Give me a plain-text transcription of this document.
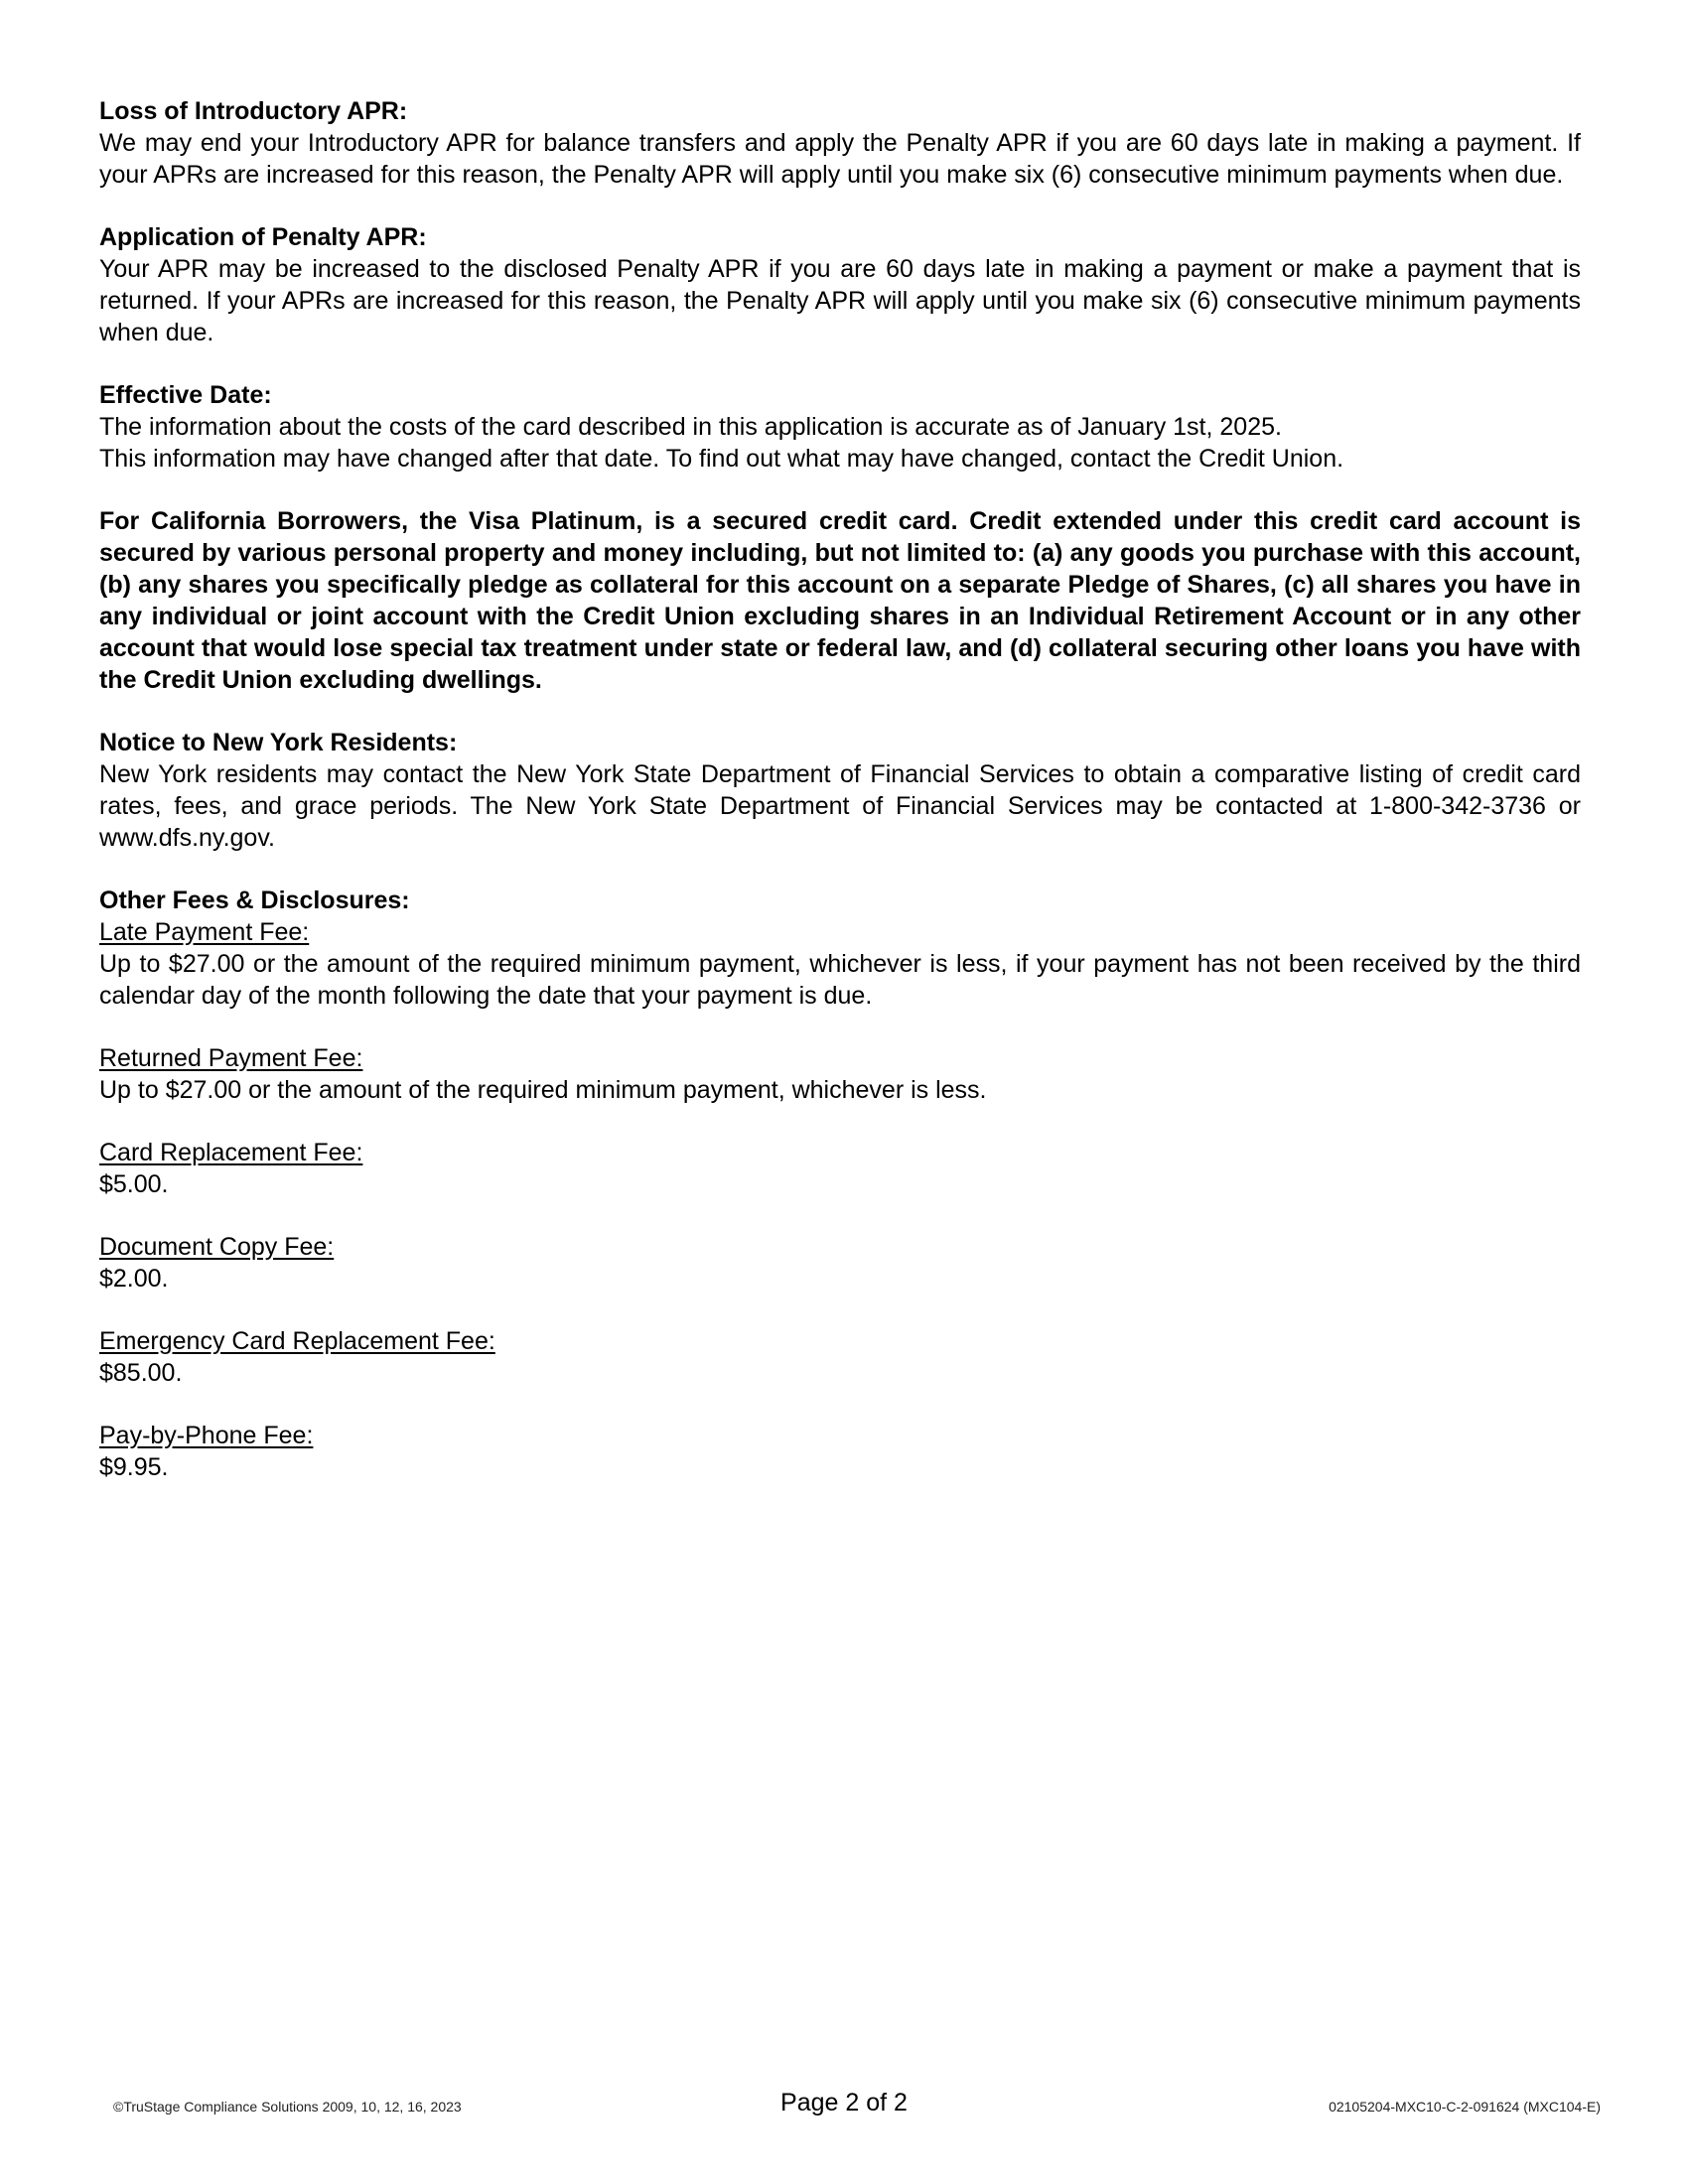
Loss of Introductory APR:
We may end your Introductory APR for balance transfers and apply the Penalty APR if you are 60 days late in making a payment. If your APRs are increased for this reason, the Penalty APR will apply until you make six (6) consecutive minimum payments when due.
Application of Penalty APR:
Your APR may be increased to the disclosed Penalty APR if you are 60 days late in making a payment or make a payment that is returned. If your APRs are increased for this reason, the Penalty APR will apply until you make six (6) consecutive minimum payments when due.
Effective Date:
The information about the costs of the card described in this application is accurate as of January 1st, 2025.
This information may have changed after that date. To find out what may have changed, contact the Credit Union.
For California Borrowers, the Visa Platinum, is a secured credit card. Credit extended under this credit card account is secured by various personal property and money including, but not limited to: (a) any goods you purchase with this account, (b) any shares you specifically pledge as collateral for this account on a separate Pledge of Shares, (c) all shares you have in any individual or joint account with the Credit Union excluding shares in an Individual Retirement Account or in any other account that would lose special tax treatment under state or federal law, and (d) collateral securing other loans you have with the Credit Union excluding dwellings.
Notice to New York Residents:
New York residents may contact the New York State Department of Financial Services to obtain a comparative listing of credit card rates, fees, and grace periods. The New York State Department of Financial Services may be contacted at 1-800-342-3736 or www.dfs.ny.gov.
Other Fees & Disclosures:
Late Payment Fee:
Up to $27.00 or the amount of the required minimum payment, whichever is less, if your payment has not been received by the third calendar day of the month following the date that your payment is due.
Returned Payment Fee:
Up to $27.00 or the amount of the required minimum payment, whichever is less.
Card Replacement Fee:
$5.00.
Document Copy Fee:
$2.00.
Emergency Card Replacement Fee:
$85.00.
Pay-by-Phone Fee:
$9.95.
©TruStage Compliance Solutions 2009, 10, 12, 16, 2023	Page 2 of 2	02105204-MXC10-C-2-091624 (MXC104-E)
